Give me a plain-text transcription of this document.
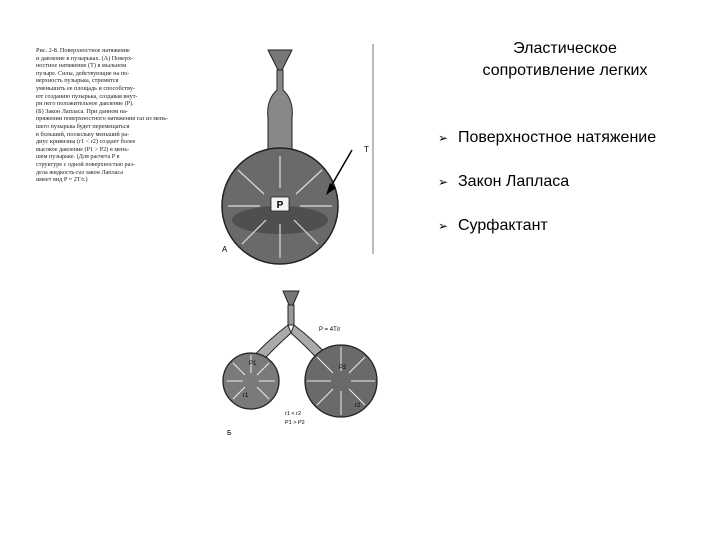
Рис. 2-8. Поверхностное натяжение
и давление в пузырьках. (А) Поверх-
ностное натяжение (Т) в мыльном
пузыре. Силы, действующие на по-
верхность пузырька, стремятся
уменьшить ее площадь и способству-
ют созданию пузырька, создавая внут-
ри него положительное давление (P).
(Б) Закон Лапласа. При данном на-
пряжении поверхностного натяжения газ из мень-
шего пузырька будет перемещаться
в больший, поскольку меньший ра-
диус кривизны (r1 < r2) создает более
высокое давление (P1 > P2) в мень-
шем пузырьке. (Для расчета P в
структуре с одной поверхностью раз-
дела жидкость-газ закон Лапласа
имеет вид P = 2T/r.)
P
T
А
P1
r1
P2
r2
P = 4T/r
r1 < r2
P1 > P2
Б
Эластическое
сопротивление легких
➢ Поверхностное натяжение
➢ Закон Лапласа
➢ Сурфактант
